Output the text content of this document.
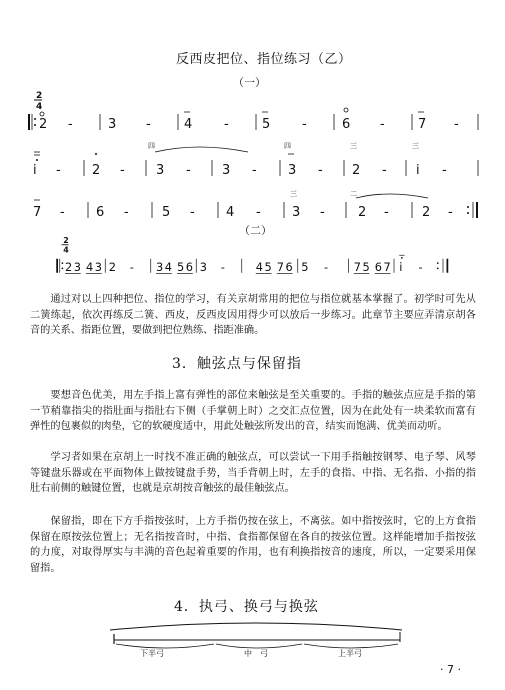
反西皮把位、指位练习（乙）
（一）
2
4
2 -	3 -	4 -	5 -	6 -	7 -
i - 2 -
四
3 - 3 -
四
3 -
三
2 -
三
i -
7 - 6 -	5 - 4 -
三
3 -
二
2 -	2 -
（二）
2
4
2 3 4 3 2 - 3 4 5 6 3 - 4 5 7 6 5 - 7 5 6 7 i -

通过对以上四种把位、指位的学习，有关京胡常用的把位与指位就基本掌握了。初学时可先从二簧练起，依次再练反二簧、西皮，反西皮因用得少可以放后一步练习。此章节主要应弄清京胡各音的关系、指距位置，要做到把位熟练、指距准确。

3．触弦点与保留指

要想音色优美，用左手指上富有弹性的部位来触弦是至关重要的。手指的触弦点应是手指的第一节稍靠指尖的指肚面与指肚右下侧（手掌朝上时）之交汇点位置，因为在此处有一块柔软而富有弹性的包裹似的肉垫，它的软硬度适中，用此处触弦所发出的音，结实而饱满、优美而动听。

学习者如果在京胡上一时找不准正确的触弦点，可以尝试一下用手指触按钢琴、电子琴、风琴等键盘乐器或在平面物体上做按键盘手势，当手背朝上时，左手的食指、中指、无名指、小指的指肚右前侧的触键位置，也就是京胡按音触弦的最佳触弦点。

保留指，即在下方手指按弦时，上方手指仍按在弦上，不离弦。如中指按弦时，它的上方食指保留在原按弦位置上；无名指按音时，中指、食指都保留在各自的按弦位置。这样能增加手指按弦的力度，对取得厚实与丰满的音色起着重要的作用，也有利换指按音的速度，所以，一定要采用保留指。

4．执弓、换弓与换弦
下半弓	中　弓	上半弓
· 7 ·
